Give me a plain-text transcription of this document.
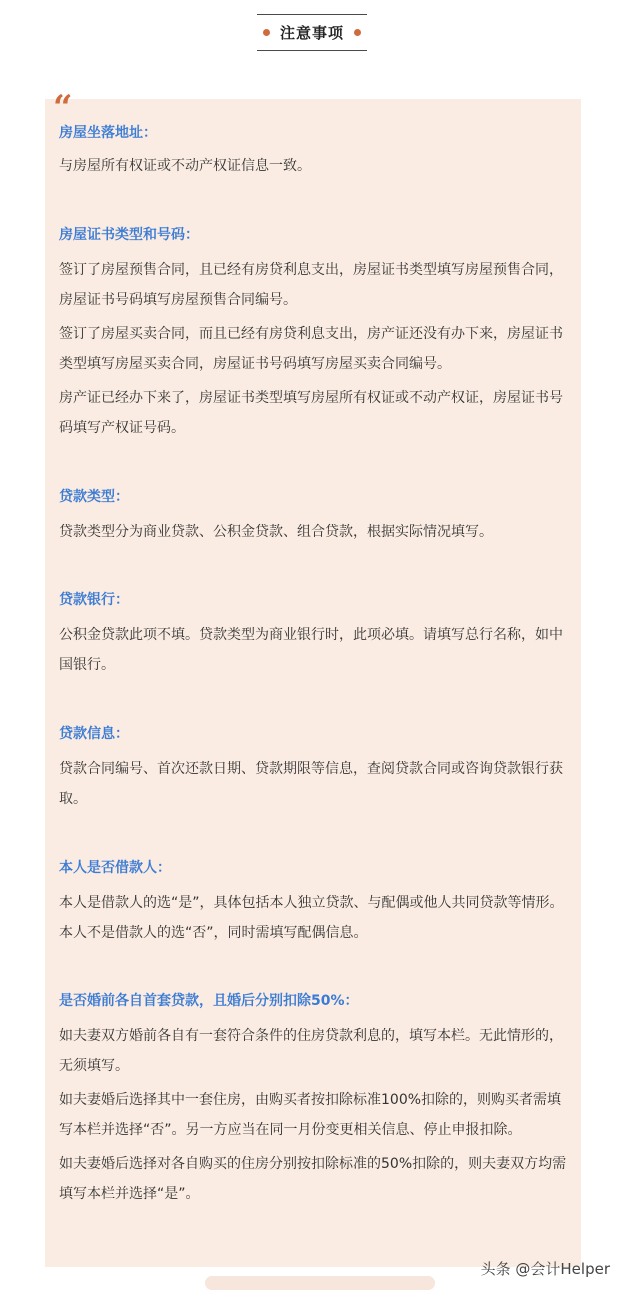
注意事项
“
房屋坐落地址：

与房屋所有权证或不动产权证信息一致。

房屋证书类型和号码：

签订了房屋预售合同，且已经有房贷利息支出，房屋证书类型填写房屋预售合同，房屋证书号码填写房屋预售合同编号。

签订了房屋买卖合同，而且已经有房贷利息支出，房产证还没有办下来，房屋证书类型填写房屋买卖合同，房屋证书号码填写房屋买卖合同编号。

房产证已经办下来了，房屋证书类型填写房屋所有权证或不动产权证，房屋证书号码填写产权证号码。

贷款类型：

贷款类型分为商业贷款、公积金贷款、组合贷款，根据实际情况填写。

贷款银行：

公积金贷款此项不填。贷款类型为商业银行时，此项必填。请填写总行名称，如中国银行。

贷款信息：

贷款合同编号、首次还款日期、贷款期限等信息，查阅贷款合同或咨询贷款银行获取。

本人是否借款人：

本人是借款人的选“是”，具体包括本人独立贷款、与配偶或他人共同贷款等情形。本人不是借款人的选“否”，同时需填写配偶信息。

是否婚前各自首套贷款，且婚后分别扣除50%：

如夫妻双方婚前各自有一套符合条件的住房贷款利息的，填写本栏。无此情形的，无须填写。

如夫妻婚后选择其中一套住房，由购买者按扣除标准100%扣除的，则购买者需填写本栏并选择“否”。另一方应当在同一月份变更相关信息、停止申报扣除。

如夫妻婚后选择对各自购买的住房分别按扣除标准的50%扣除的，则夫妻双方均需填写本栏并选择“是”。

头条 @会计Helper
